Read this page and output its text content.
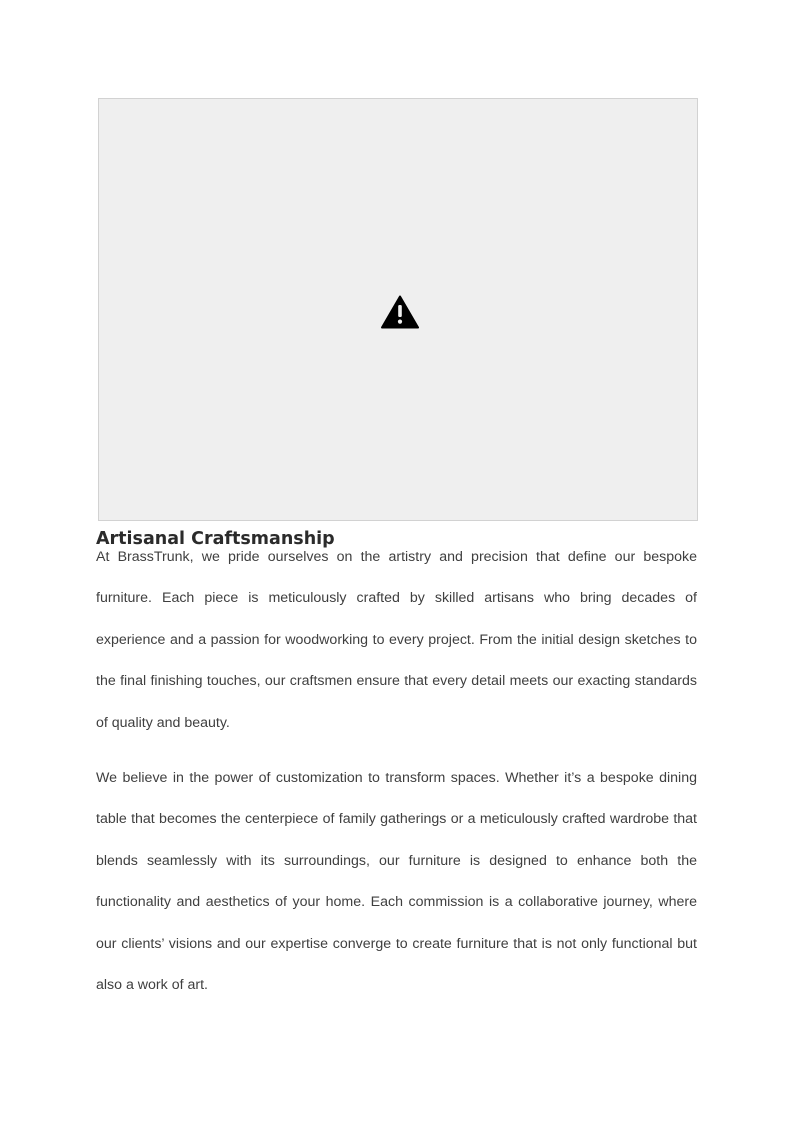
Artisanal Craftsmanship

At BrassTrunk, we pride ourselves on the artistry and precision that define our bespoke furniture. Each piece is meticulously crafted by skilled artisans who bring decades of experience and a passion for woodworking to every project. From the initial design sketches to the final finishing touches, our craftsmen ensure that every detail meets our exacting standards of quality and beauty.

We believe in the power of customization to transform spaces. Whether it’s a bespoke dining table that becomes the centerpiece of family gatherings or a meticulously crafted wardrobe that blends seamlessly with its surroundings, our furniture is designed to enhance both the functionality and aesthetics of your home. Each commission is a collaborative journey, where our clients’ visions and our expertise converge to create furniture that is not only functional but also a work of art.
